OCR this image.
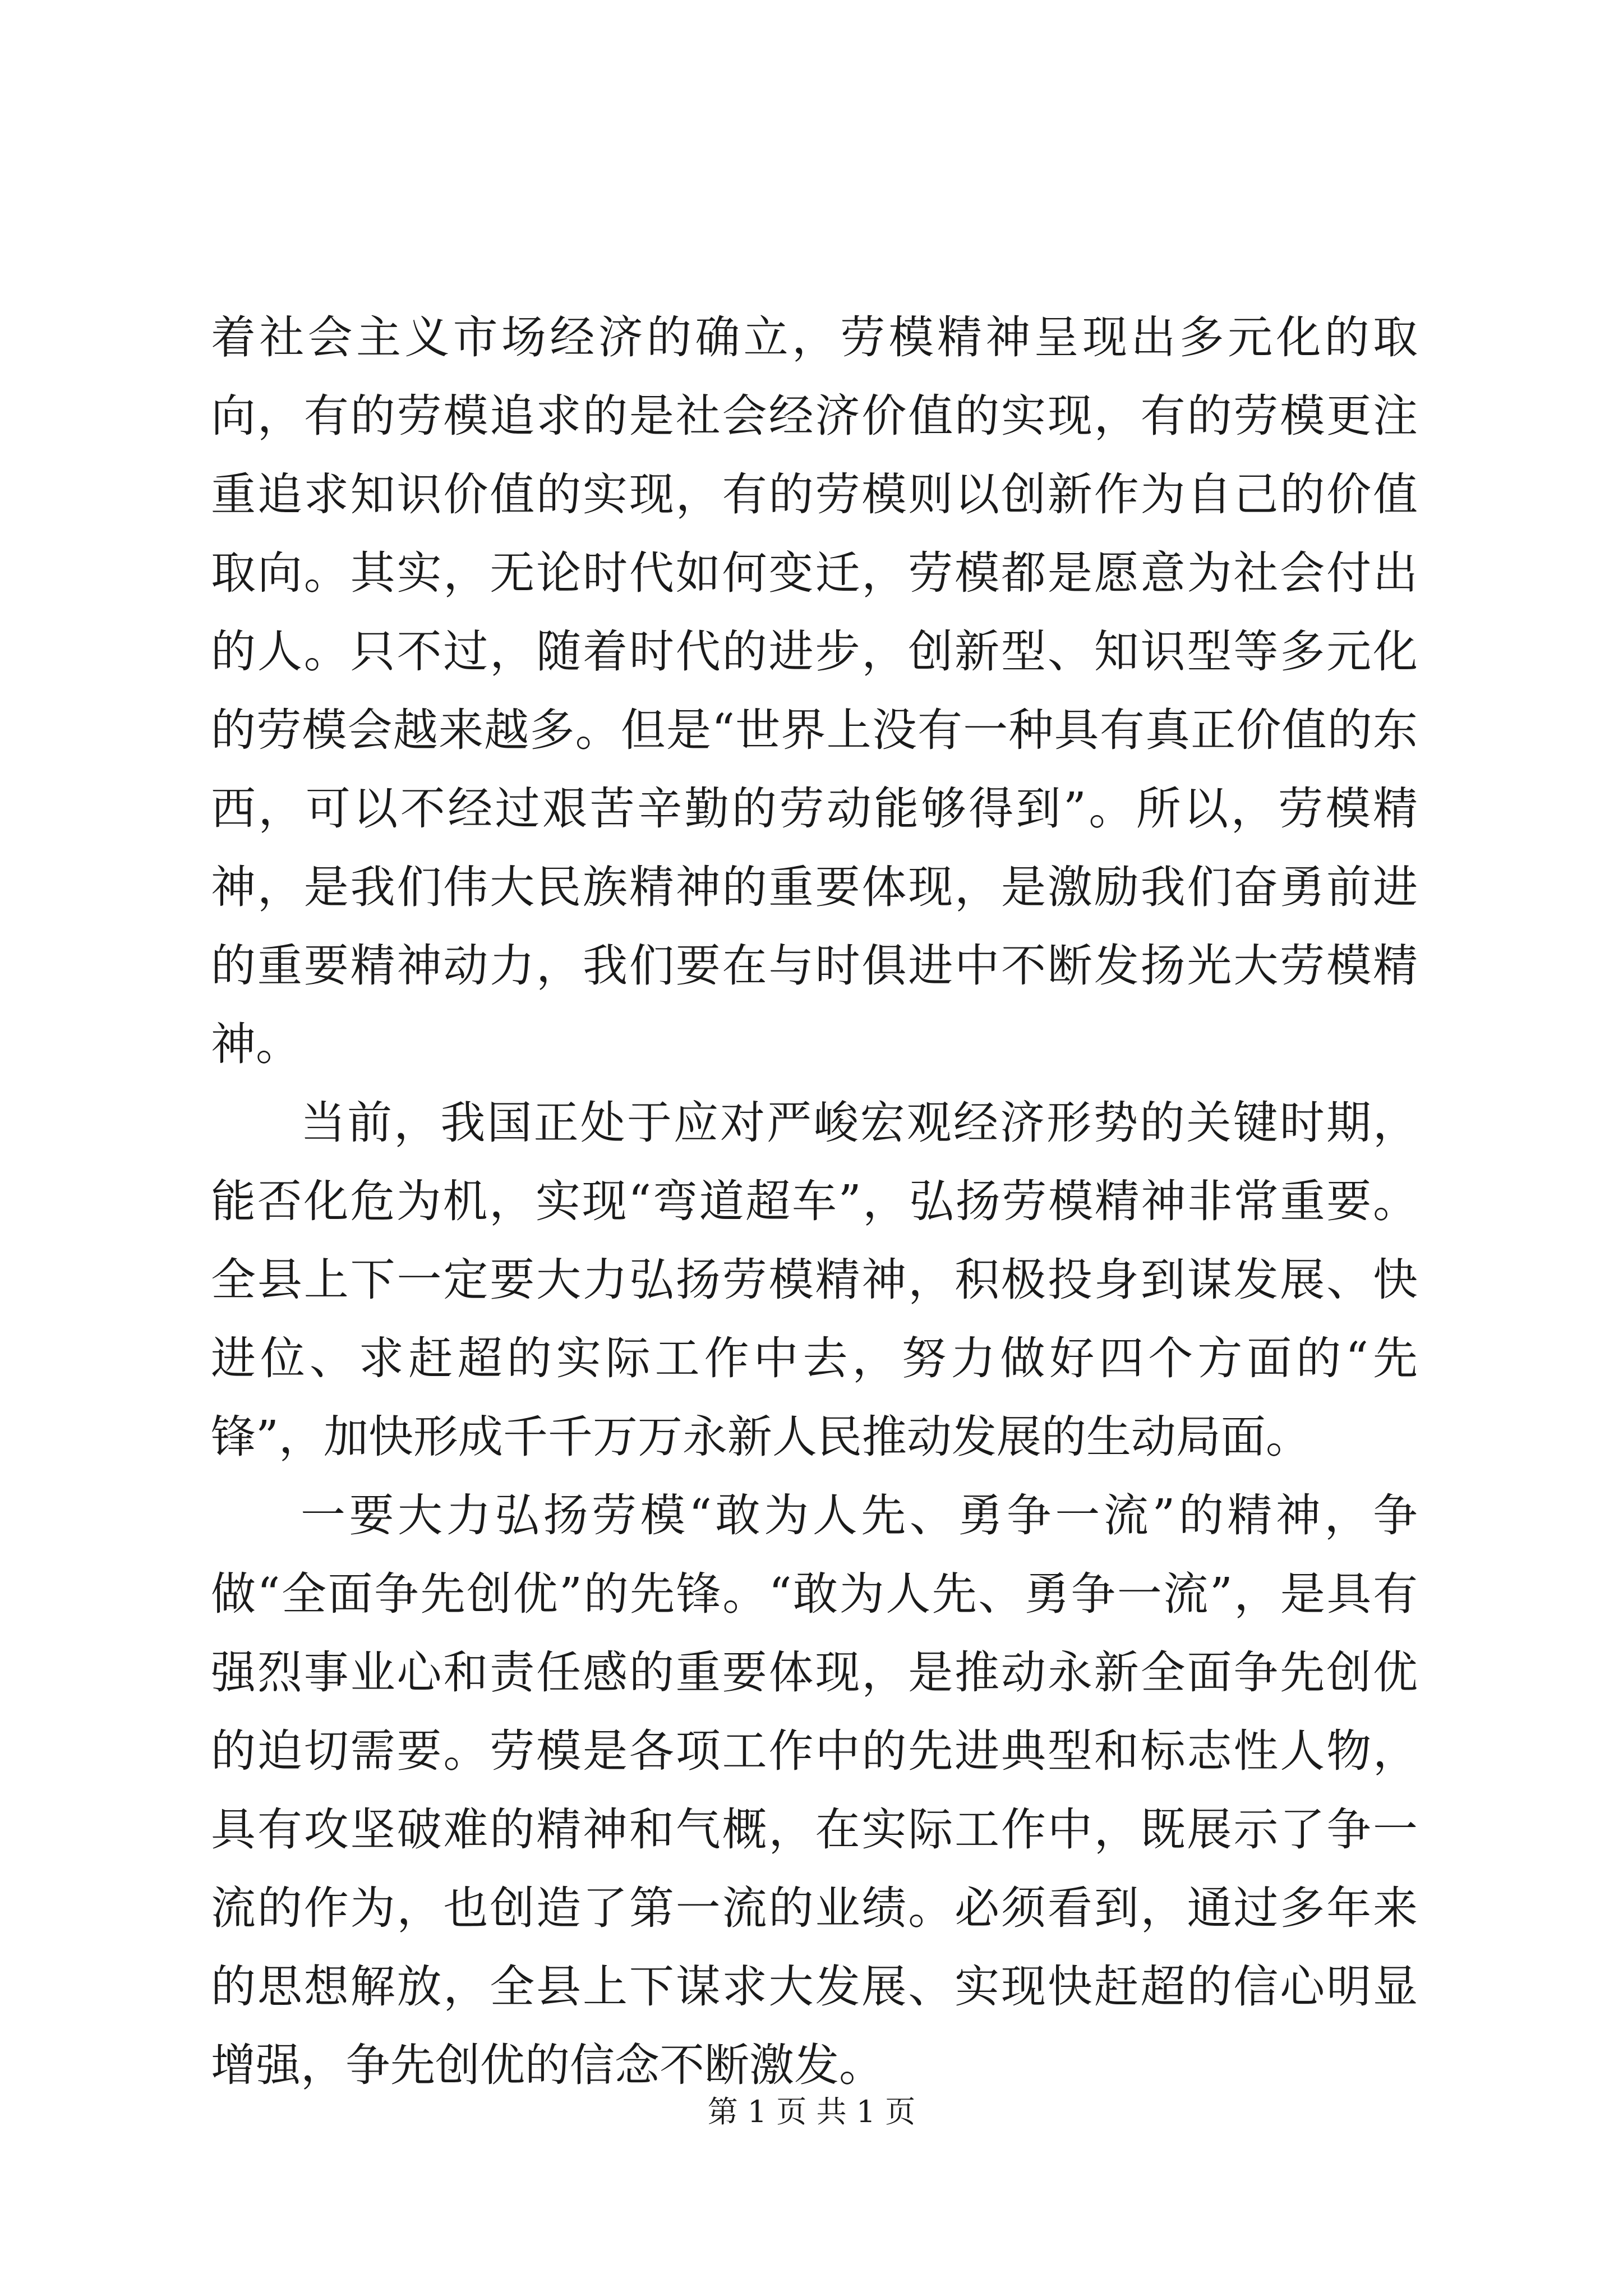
着社会主义市场经济的确立，劳模精神呈现出多元化的取向，有的劳模追求的是社会经济价值的实现，有的劳模更注重追求知识价值的实现，有的劳模则以创新作为自己的价值取向。其实，无论时代如何变迁，劳模都是愿意为社会付出的人。只不过，随着时代的进步，创新型、知识型等多元化的劳模会越来越多。但是“世界上没有一种具有真正价值的东西，可以不经过艰苦辛勤的劳动能够得到”。所以，劳模精神，是我们伟大民族精神的重要体现，是激励我们奋勇前进的重要精神动力，我们要在与时俱进中不断发扬光大劳模精神。

当前，我国正处于应对严峻宏观经济形势的关键时期，能否化危为机，实现“弯道超车”，弘扬劳模精神非常重要。全县上下一定要大力弘扬劳模精神，积极投身到谋发展、快进位、求赶超的实际工作中去，努力做好四个方面的“先锋”，加快形成千千万万永新人民推动发展的生动局面。

一要大力弘扬劳模“敢为人先、勇争一流”的精神，争做“全面争先创优”的先锋。“敢为人先、勇争一流”，是具有强烈事业心和责任感的重要体现，是推动永新全面争先创优的迫切需要。劳模是各项工作中的先进典型和标志性人物，具有攻坚破难的精神和气概，在实际工作中，既展示了争一流的作为，也创造了第一流的业绩。必须看到，通过多年来的思想解放，全县上下谋求大发展、实现快赶超的信心明显增强，争先创优的信念不断激发。

第 1 页 共 1 页
